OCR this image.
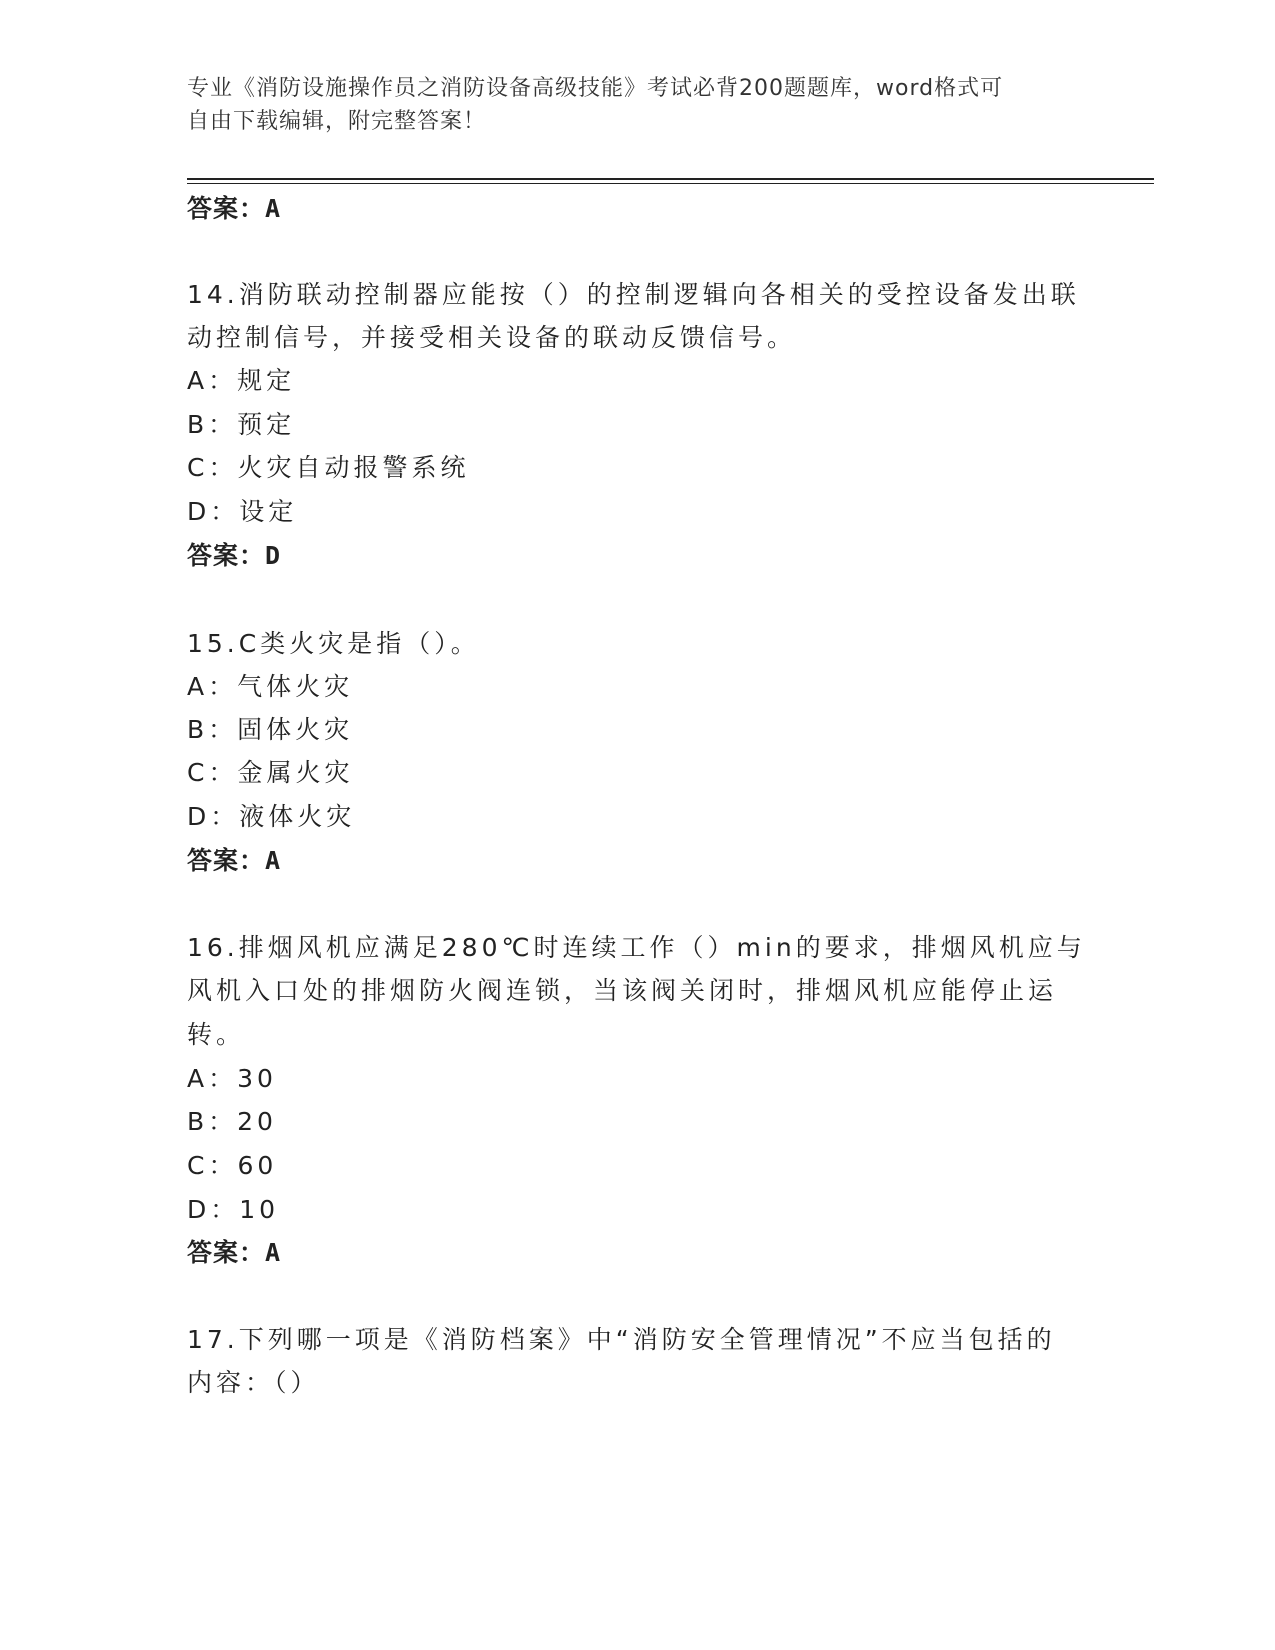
专业《消防设施操作员之消防设备高级技能》考试必背200题题库，word格式可
自由下载编辑，附完整答案！
答案：A
14.消防联动控制器应能按（）的控制逻辑向各相关的受控设备发出联
动控制信号，并接受相关设备的联动反馈信号。
A：规定
B：预定
C：火灾自动报警系统
D：设定
答案：D
15.C类火灾是指（）。
A：气体火灾
B：固体火灾
C：金属火灾
D：液体火灾
答案：A
16.排烟风机应满足280℃时连续工作（）min的要求，排烟风机应与
风机入口处的排烟防火阀连锁，当该阀关闭时，排烟风机应能停止运
转。
A：30
B：20
C：60
D：10
答案：A
17.下列哪一项是《消防档案》中“消防安全管理情况”不应当包括的
内容：（）
